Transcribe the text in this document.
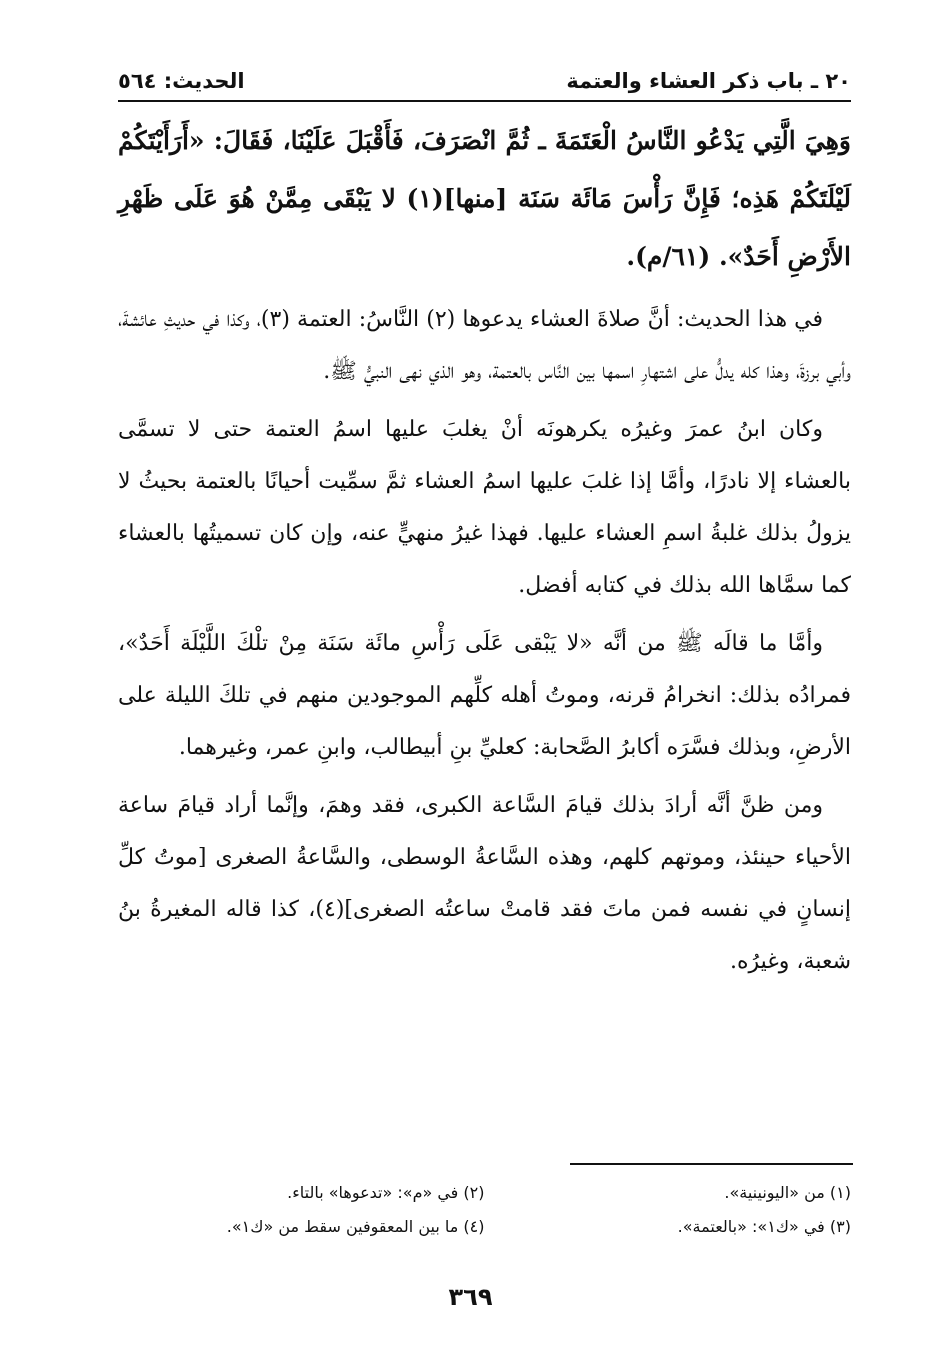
٢٠ ـ باب ذكر العشاء والعتمة
الحديث: ٥٦٤

وَهِيَ الَّتِي يَدْعُو النَّاسُ الْعَتَمَةَ ـ ثُمَّ انْصَرَفَ، فَأَقْبَلَ عَلَيْنَا، فَقَالَ: «أَرَأَيْتَكُمْ لَيْلَتَكُمْ هَذِه؛ فَإِنَّ رَأْسَ مَائَة سَنَة [منها](١) لا يَبْقَى مِمَّنْ هُوَ عَلَى ظَهْرِ الأَرْضِ أَحَدٌ». (٦١/م).

في هذا الحديث: أنَّ صلاةَ العشاء يدعوها (٢) النَّاسُ: العتمة (٣)، وكذا في حديثِ عائشةَ، وأبي برزةَ، وهذا كله يدلُّ على اشتهارِ اسمها بين النَّاس بالعتمة، وهو الذي نهى النبيُّ ﷺ.

وكان ابنُ عمرَ وغيرُه يكرهونَه أنْ يغلبَ عليها اسمُ العتمة حتى لا تسمَّى بالعشاء إلا نادرًا، وأمَّا إذا غلبَ عليها اسمُ العشاء ثمَّ سمِّيت أحيانًا بالعتمة بحيثُ لا يزولُ بذلك غلبةُ اسمِ العشاء عليها. فهذا غيرُ منهيٍّ عنه، وإن كان تسميتُها بالعشاء كما سمَّاها الله بذلك في كتابه أفضل.

وأمَّا ما قالَه ﷺ من أنَّه «لا يَبْقى عَلَى رَأْسِ مائَة سَنَة مِنْ تلْكَ اللَّيْلَة أَحَدٌ»، فمرادُه بذلك: انخرامُ قرنه، وموتُ أهله كلِّهم الموجودين منهم في تلكَ الليلة على الأرضِ، وبذلك فسَّرَه أكابرُ الصَّحابة: كعليِّ بنِ أبيطالب، وابنِ عمر، وغيرهما.

ومن ظنَّ أنَّه أرادَ بذلك قيامَ السَّاعة الكبرى، فقد وهمَ، وإنَّما أراد قيامَ ساعة الأحياء حينئذ، وموتهم كلهم، وهذه السَّاعةُ الوسطى، والسَّاعةُ الصغرى [موتُ كلِّ إنسانٍ في نفسه فمن ماتَ فقد قامتْ ساعتُه الصغرى](٤)، كذا قاله المغيرةُ بنُ شعبة، وغيرُه.

(١) من «اليونينية».
(٢) في «م»: «تدعوها» بالتاء.
(٣) في «ك١»: «بالعتمة».
(٤) ما بين المعقوفين سقط من «ك١».
٣٦٩
